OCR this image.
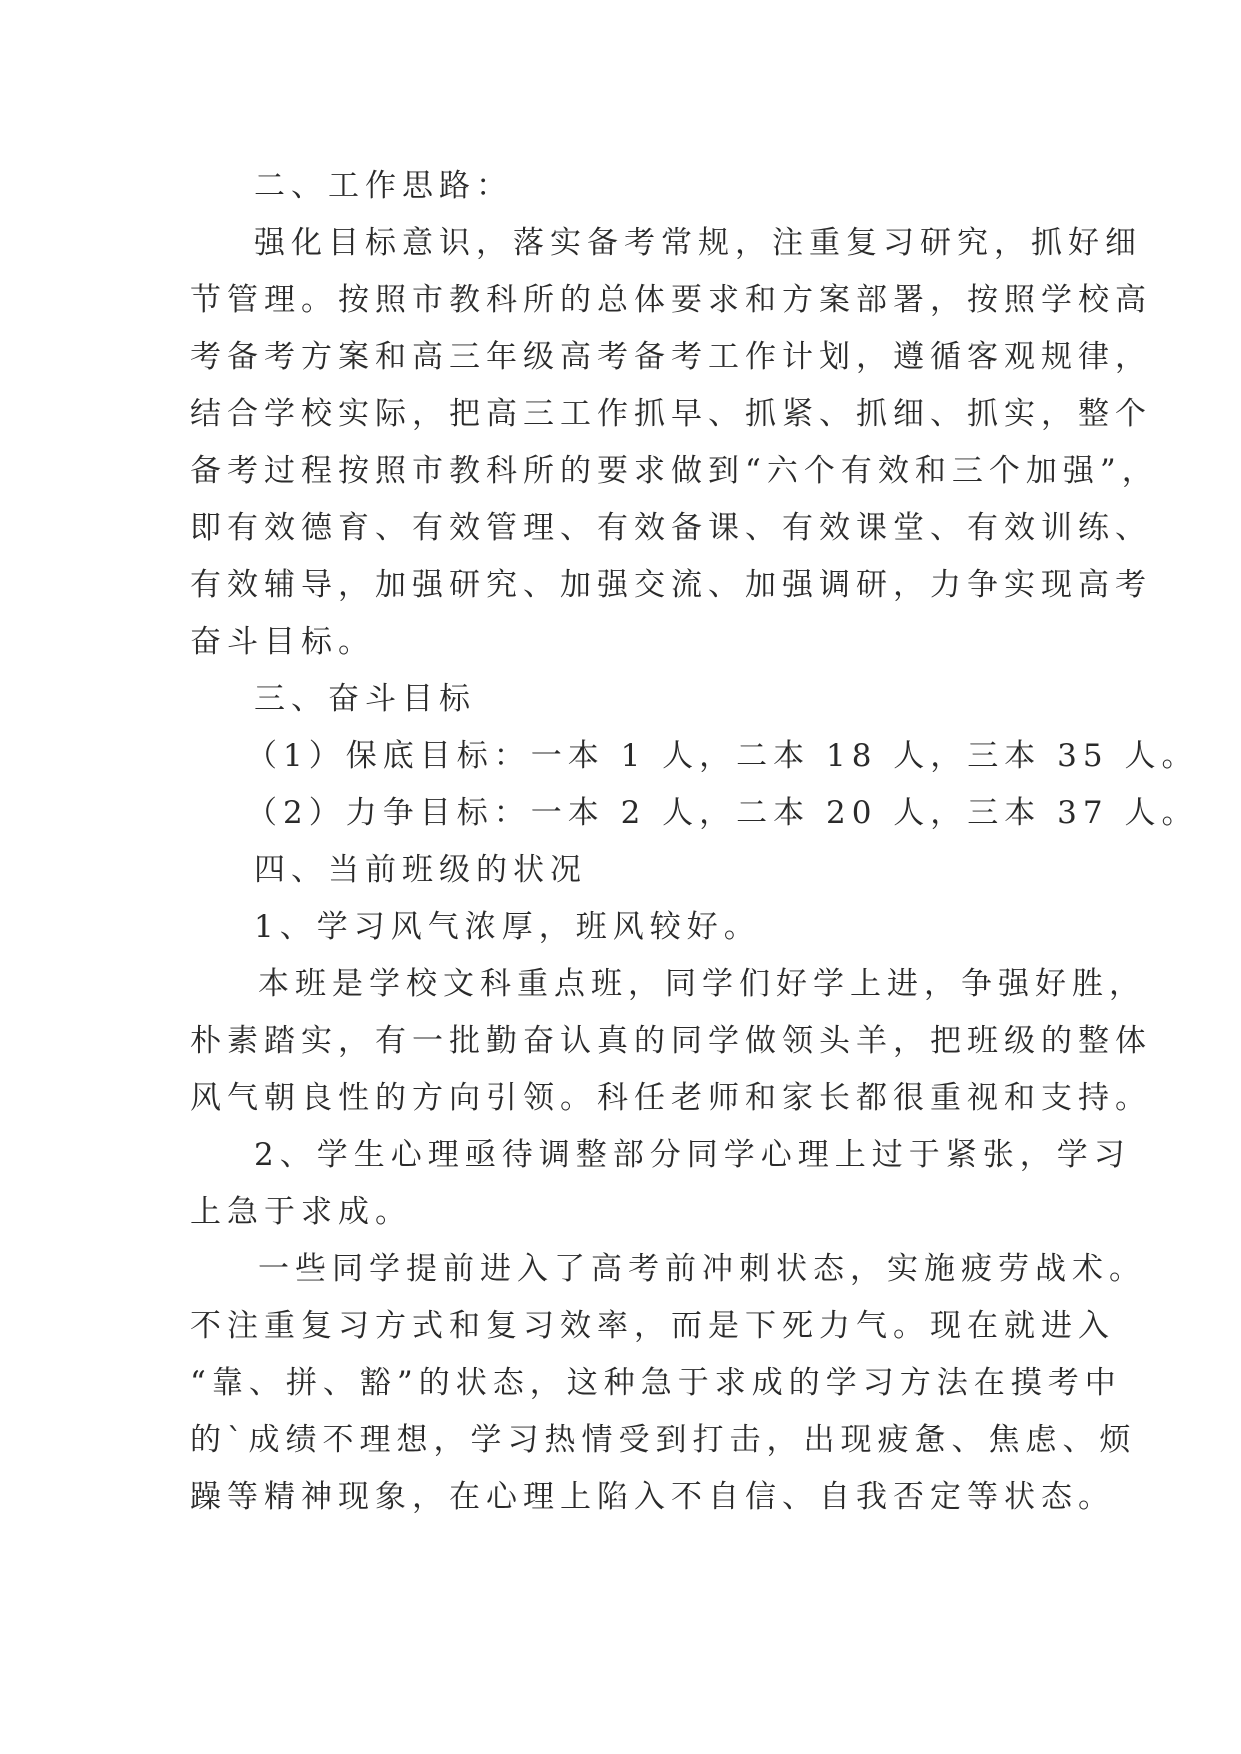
二、工作思路：
强化目标意识，落实备考常规，注重复习研究，抓好细
节管理。按照市教科所的总体要求和方案部署，按照学校高
考备考方案和高三年级高考备考工作计划，遵循客观规律，
结合学校实际，把高三工作抓早、抓紧、抓细、抓实，整个
备考过程按照市教科所的要求做到“六个有效和三个加强”，
即有效德育、有效管理、有效备课、有效课堂、有效训练、
有效辅导，加强研究、加强交流、加强调研，力争实现高考
奋斗目标。
三、奋斗目标
（1）保底目标：一本 1 人，二本 18 人，三本 35 人。
（2）力争目标：一本 2 人，二本 20 人，三本 37 人。
四、当前班级的状况
1、学习风气浓厚，班风较好。
本班是学校文科重点班，同学们好学上进，争强好胜，
朴素踏实，有一批勤奋认真的同学做领头羊，把班级的整体
风气朝良性的方向引领。科任老师和家长都很重视和支持。
2、学生心理亟待调整部分同学心理上过于紧张，学习
上急于求成。
一些同学提前进入了高考前冲刺状态，实施疲劳战术。
不注重复习方式和复习效率，而是下死力气。现在就进入
“靠、拼、豁”的状态，这种急于求成的学习方法在摸考中
的`成绩不理想，学习热情受到打击，出现疲惫、焦虑、烦
躁等精神现象，在心理上陷入不自信、自我否定等状态。
